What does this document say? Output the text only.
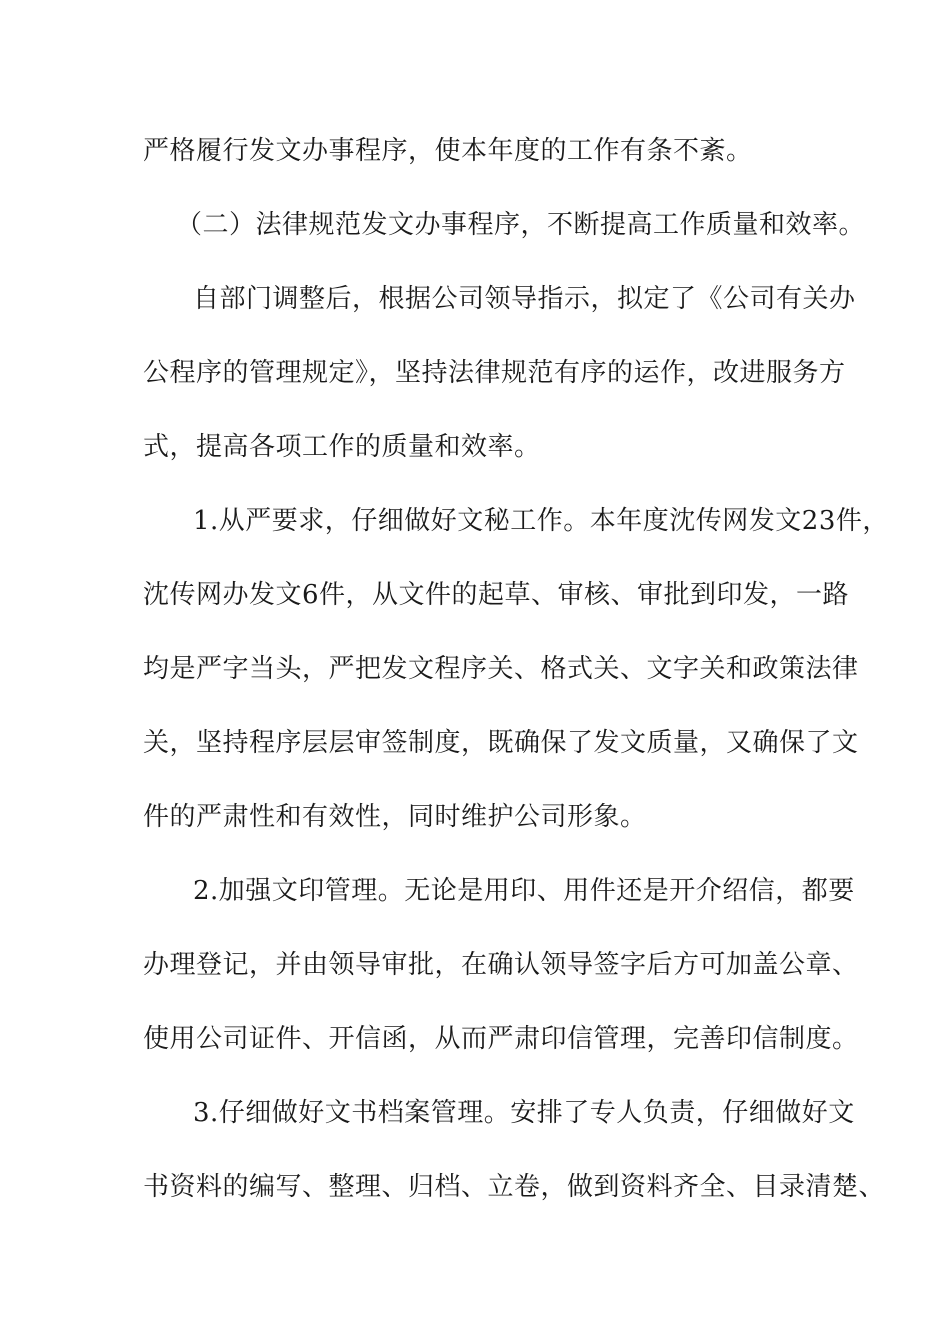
严格履行发文办事程序，使本年度的工作有条不紊。
（二）法律规范发文办事程序，不断提高工作质量和效率。
自部门调整后，根据公司领导指示，拟定了《公司有关办
公程序的管理规定》，坚持法律规范有序的运作，改进服务方
式，提高各项工作的质量和效率。
1.从严要求，仔细做好文秘工作。本年度沈传网发文23件，
沈传网办发文6件，从文件的起草、审核、审批到印发，一路
均是严字当头，严把发文程序关、格式关、文字关和政策法律
关，坚持程序层层审签制度，既确保了发文质量，又确保了文
件的严肃性和有效性，同时维护公司形象。
2.加强文印管理。无论是用印、用件还是开介绍信，都要
办理登记，并由领导审批，在确认领导签字后方可加盖公章、
使用公司证件、开信函，从而严肃印信管理，完善印信制度。
3.仔细做好文书档案管理。安排了专人负责，仔细做好文
书资料的编写、整理、归档、立卷，做到资料齐全、目录清楚、
